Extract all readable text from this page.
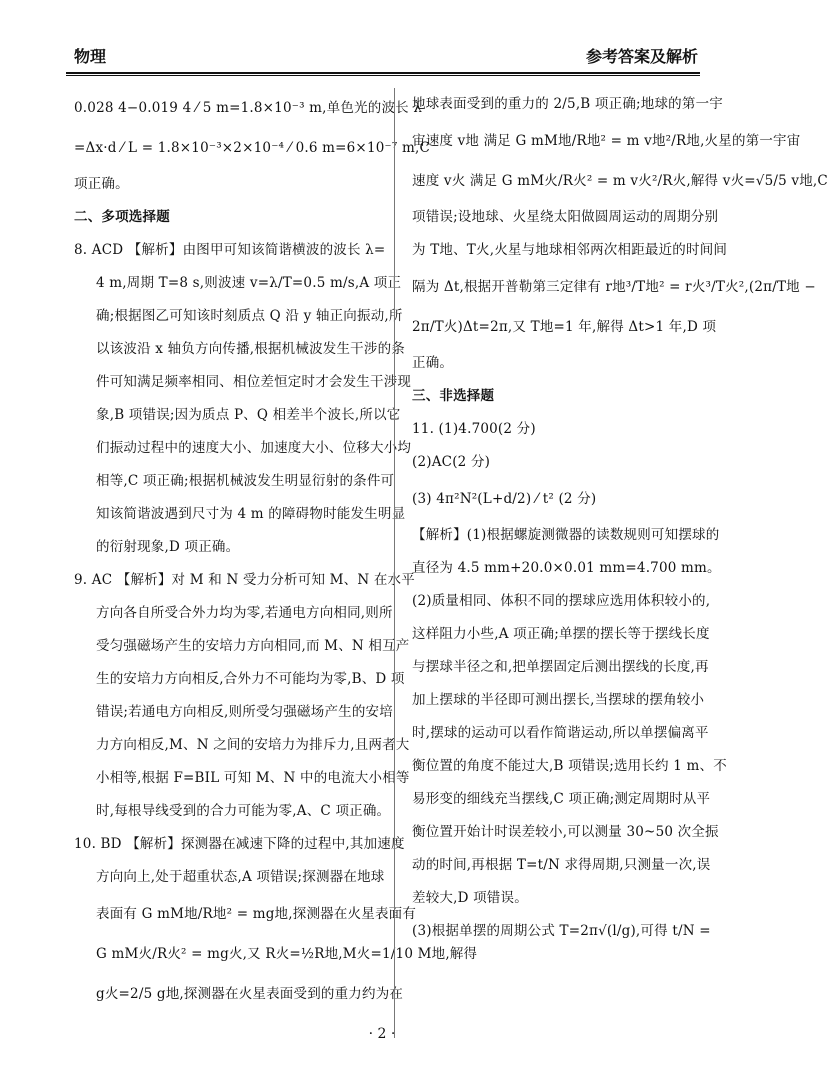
物理	参考答案及解析
0.028 4−0.019 4 ⁄ 5 m=1.8×10⁻³ m,单色光的波长 λ
=Δx·d ⁄ L = 1.8×10⁻³×2×10⁻⁴ ⁄ 0.6 m=6×10⁻⁷ m,C
项正确。
二、多项选择题
8. ACD 【解析】由图甲可知该简谐横波的波长 λ=
4 m,周期 T=8 s,则波速 v=λ/T=0.5 m/s,A 项正
确;根据图乙可知该时刻质点 Q 沿 y 轴正向振动,所
以该波沿 x 轴负方向传播,根据机械波发生干涉的条
件可知满足频率相同、相位差恒定时才会发生干涉现
象,B 项错误;因为质点 P、Q 相差半个波长,所以它
们振动过程中的速度大小、加速度大小、位移大小均
相等,C 项正确;根据机械波发生明显衍射的条件可
知该简谐波遇到尺寸为 4 m 的障碍物时能发生明显
的衍射现象,D 项正确。
9. AC 【解析】对 M 和 N 受力分析可知 M、N 在水平
方向各自所受合外力均为零,若通电方向相同,则所
受匀强磁场产生的安培力方向相同,而 M、N 相互产
生的安培力方向相反,合外力不可能均为零,B、D 项
错误;若通电方向相反,则所受匀强磁场产生的安培
力方向相反,M、N 之间的安培力为排斥力,且两者大
小相等,根据 F=BIL 可知 M、N 中的电流大小相等
时,每根导线受到的合力可能为零,A、C 项正确。
10. BD 【解析】探测器在减速下降的过程中,其加速度
方向向上,处于超重状态,A 项错误;探测器在地球
表面有 G mM地/R地² = mg地,探测器在火星表面有
G mM火/R火² = mg火,又 R火=½R地,M火=1/10 M地,解得
g火=2/5 g地,探测器在火星表面受到的重力约为在
地球表面受到的重力的 2/5,B 项正确;地球的第一宇
宙速度 v地 满足 G mM地/R地² = m v地²/R地,火星的第一宇宙
速度 v火 满足 G mM火/R火² = m v火²/R火,解得 v火=√5/5 v地,C
项错误;设地球、火星绕太阳做圆周运动的周期分别
为 T地、T火,火星与地球相邻两次相距最近的时间间
隔为 Δt,根据开普勒第三定律有 r地³/T地² = r火³/T火²,(2π/T地 −
2π/T火)Δt=2π,又 T地=1 年,解得 Δt>1 年,D 项
正确。
三、非选择题
11. (1)4.700(2 分)
(2)AC(2 分)
(3) 4π²N²(L+d/2) ⁄ t² (2 分)
【解析】(1)根据螺旋测微器的读数规则可知摆球的
直径为 4.5 mm+20.0×0.01 mm=4.700 mm。
(2)质量相同、体积不同的摆球应选用体积较小的,
这样阻力小些,A 项正确;单摆的摆长等于摆线长度
与摆球半径之和,把单摆固定后测出摆线的长度,再
加上摆球的半径即可测出摆长,当摆球的摆角较小
时,摆球的运动可以看作简谐运动,所以单摆偏离平
衡位置的角度不能过大,B 项错误;选用长约 1 m、不
易形变的细线充当摆线,C 项正确;测定周期时从平
衡位置开始计时误差较小,可以测量 30~50 次全振
动的时间,再根据 T=t/N 求得周期,只测量一次,误
差较大,D 项错误。
(3)根据单摆的周期公式 T=2π√(l/g),可得 t/N =
· 2 ·
